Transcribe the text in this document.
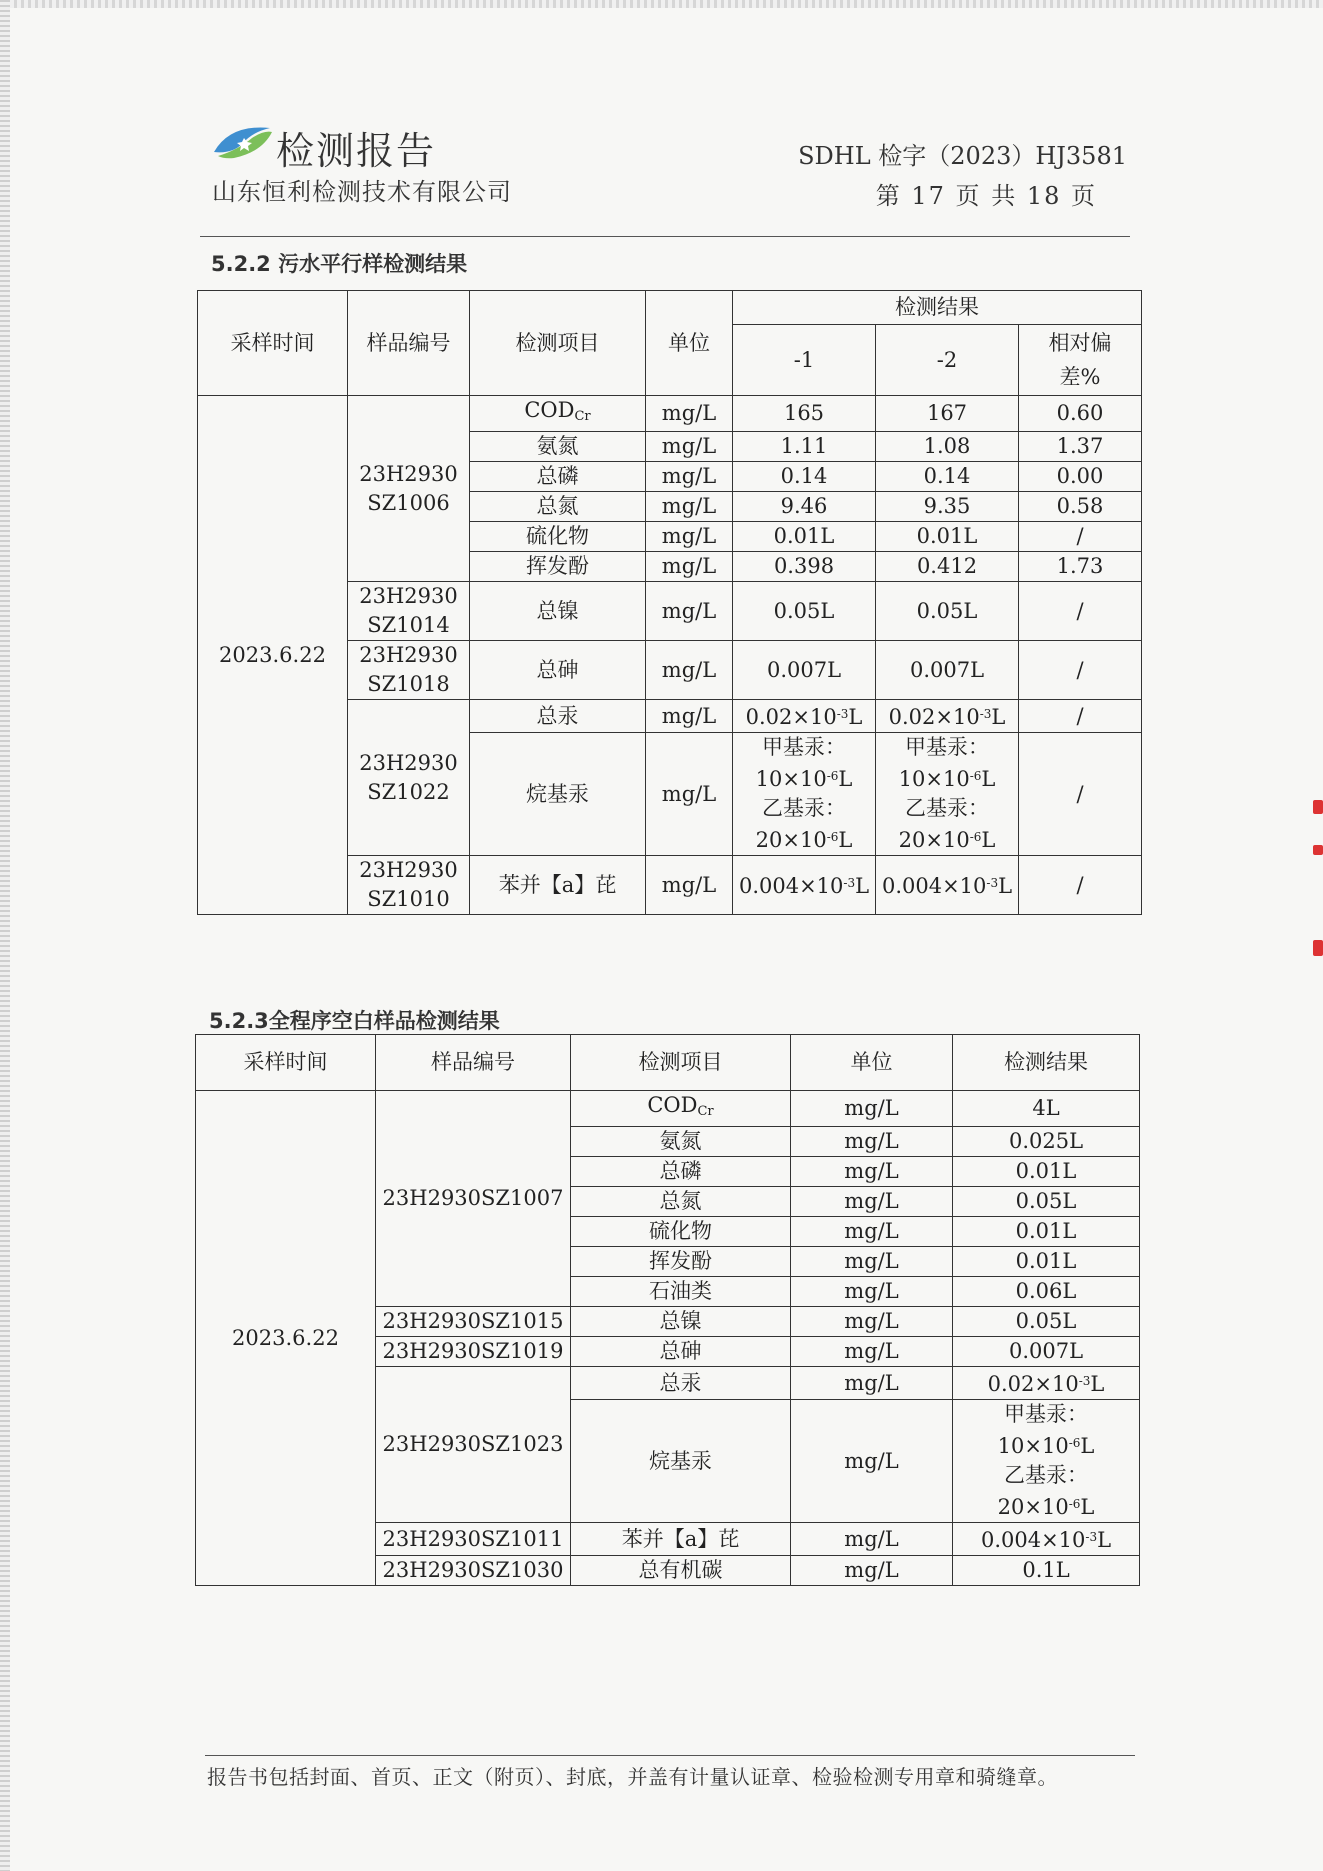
检测报告
山东恒利检测技术有限公司
SDHL 检字（2023）HJ3581
第 17 页 共 18 页
5.2.2 污水平行样检测结果
采样时间	样品编号	检测项目	单位	检测结果		
				-1	-2	相对偏差%

2023.6.22	23H2930
SZ1006	$COD_{Cr}$	mg/L	165	167	0.60
		氨氮	mg/L	1.11	1.08	1.37
		总磷	mg/L	0.14	0.14	0.00
		总氮	mg/L	9.46	9.35	0.58
		硫化物	mg/L	0.01L	0.01L	/
		挥发酚	mg/L	0.398	0.412	1.73
	23H2930
SZ1014	总镍	mg/L	0.05L	0.05L	/
	23H2930
SZ1018	总砷	mg/L	0.007L	0.007L	/
	23H2930
SZ1022	总汞	mg/L	$0.02\times 10^{-3}L$	$0.02\times 10^{-3}L$	/
		烷基汞	mg/L	甲基汞：
$10\times 10^{-6}L$
乙基汞：
$20\times 10^{-6}L$	甲基汞：
$10\times 10^{-6}L$
乙基汞：
$20\times 10^{-6}L$	/
	23H2930
SZ1010	苯并【a】芘	mg/L	$0.004\times 10^{-3}L$	$0.004\times 10^{-3}L$	/
5.2.3全程序空白样品检测结果
采样时间	样品编号	检测项目	单位	检测结果
2023.6.22	23H2930SZ1007	$COD_{Cr}$	mg/L	4L
		氨氮	mg/L	0.025L
		总磷	mg/L	0.01L
		总氮	mg/L	0.05L
		硫化物	mg/L	0.01L
		挥发酚	mg/L	0.01L
		石油类	mg/L	0.06L
	23H2930SZ1015	总镍	mg/L	0.05L
	23H2930SZ1019	总砷	mg/L	0.007L
	23H2930SZ1023	总汞	mg/L	$0.02\times 10^{-3}L$
		烷基汞	mg/L	甲基汞：
$10\times 10^{-6}L$
乙基汞：
$20\times 10^{-6}L$
	23H2930SZ1011	苯并【a】芘	mg/L	$0.004\times 10^{-3}L$
	23H2930SZ1030	总有机碳	mg/L	0.1L
报告书包括封面、首页、正文（附页）、封底，并盖有计量认证章、检验检测专用章和骑缝章。
